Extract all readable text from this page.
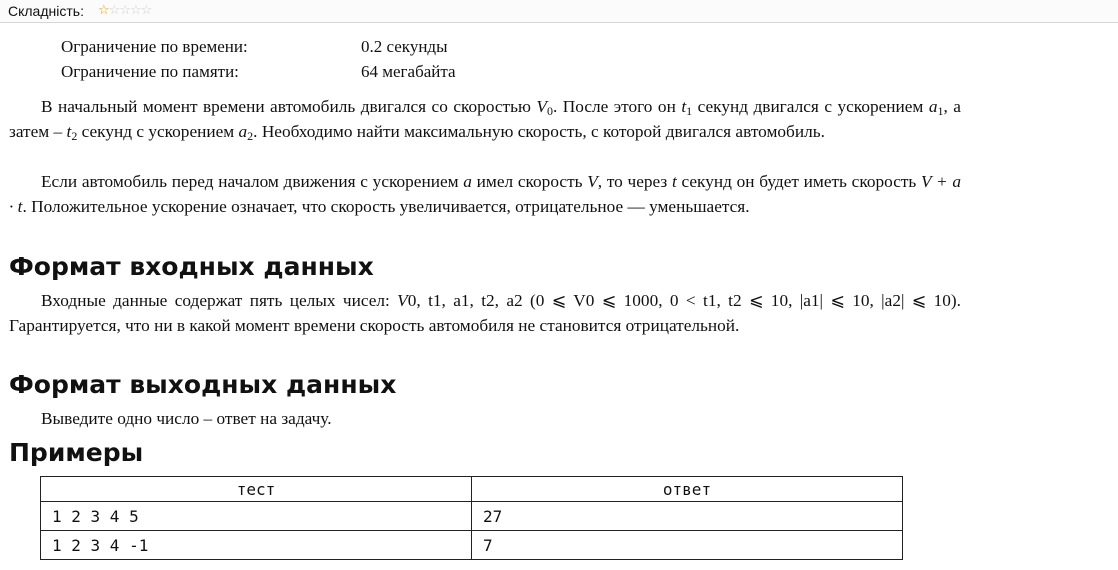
Складність: ☆☆☆☆☆
Ограничение по времени:	0.2 секунды
Ограничение по памяти:	64 мегабайта

В начальный момент времени автомобиль двигался со скоростью $V_0$. После этого он $t_1$ секунд двигался с ускорением $a_1$, а затем – $t_2$ секунд с ускорением $a_2$. Необходимо найти максимальную скорость, с которой двигался автомобиль.

Если автомобиль перед началом движения с ускорением a имел скорость V, то через t секунд он будет иметь скорость V + a · t. Положительное ускорение означает, что скорость увеличивается, отрицательное — уменьшается.

Формат входных данных

Входные данные содержат пять целых чисел: V0, t1, a1, t2, a2 (0 ⩽ V0 ⩽ 1000, 0 < t1, t2 ⩽ 10, |a1| ⩽ 10, |a2| ⩽ 10). Гарантируется, что ни в какой момент времени скорость автомобиля не становится отрицательной.

Формат выходных данных

Выведите одно число – ответ на задачу.

Примеры
тест	ответ
1 2 3 4 5	27
1 2 3 4 -1	7
